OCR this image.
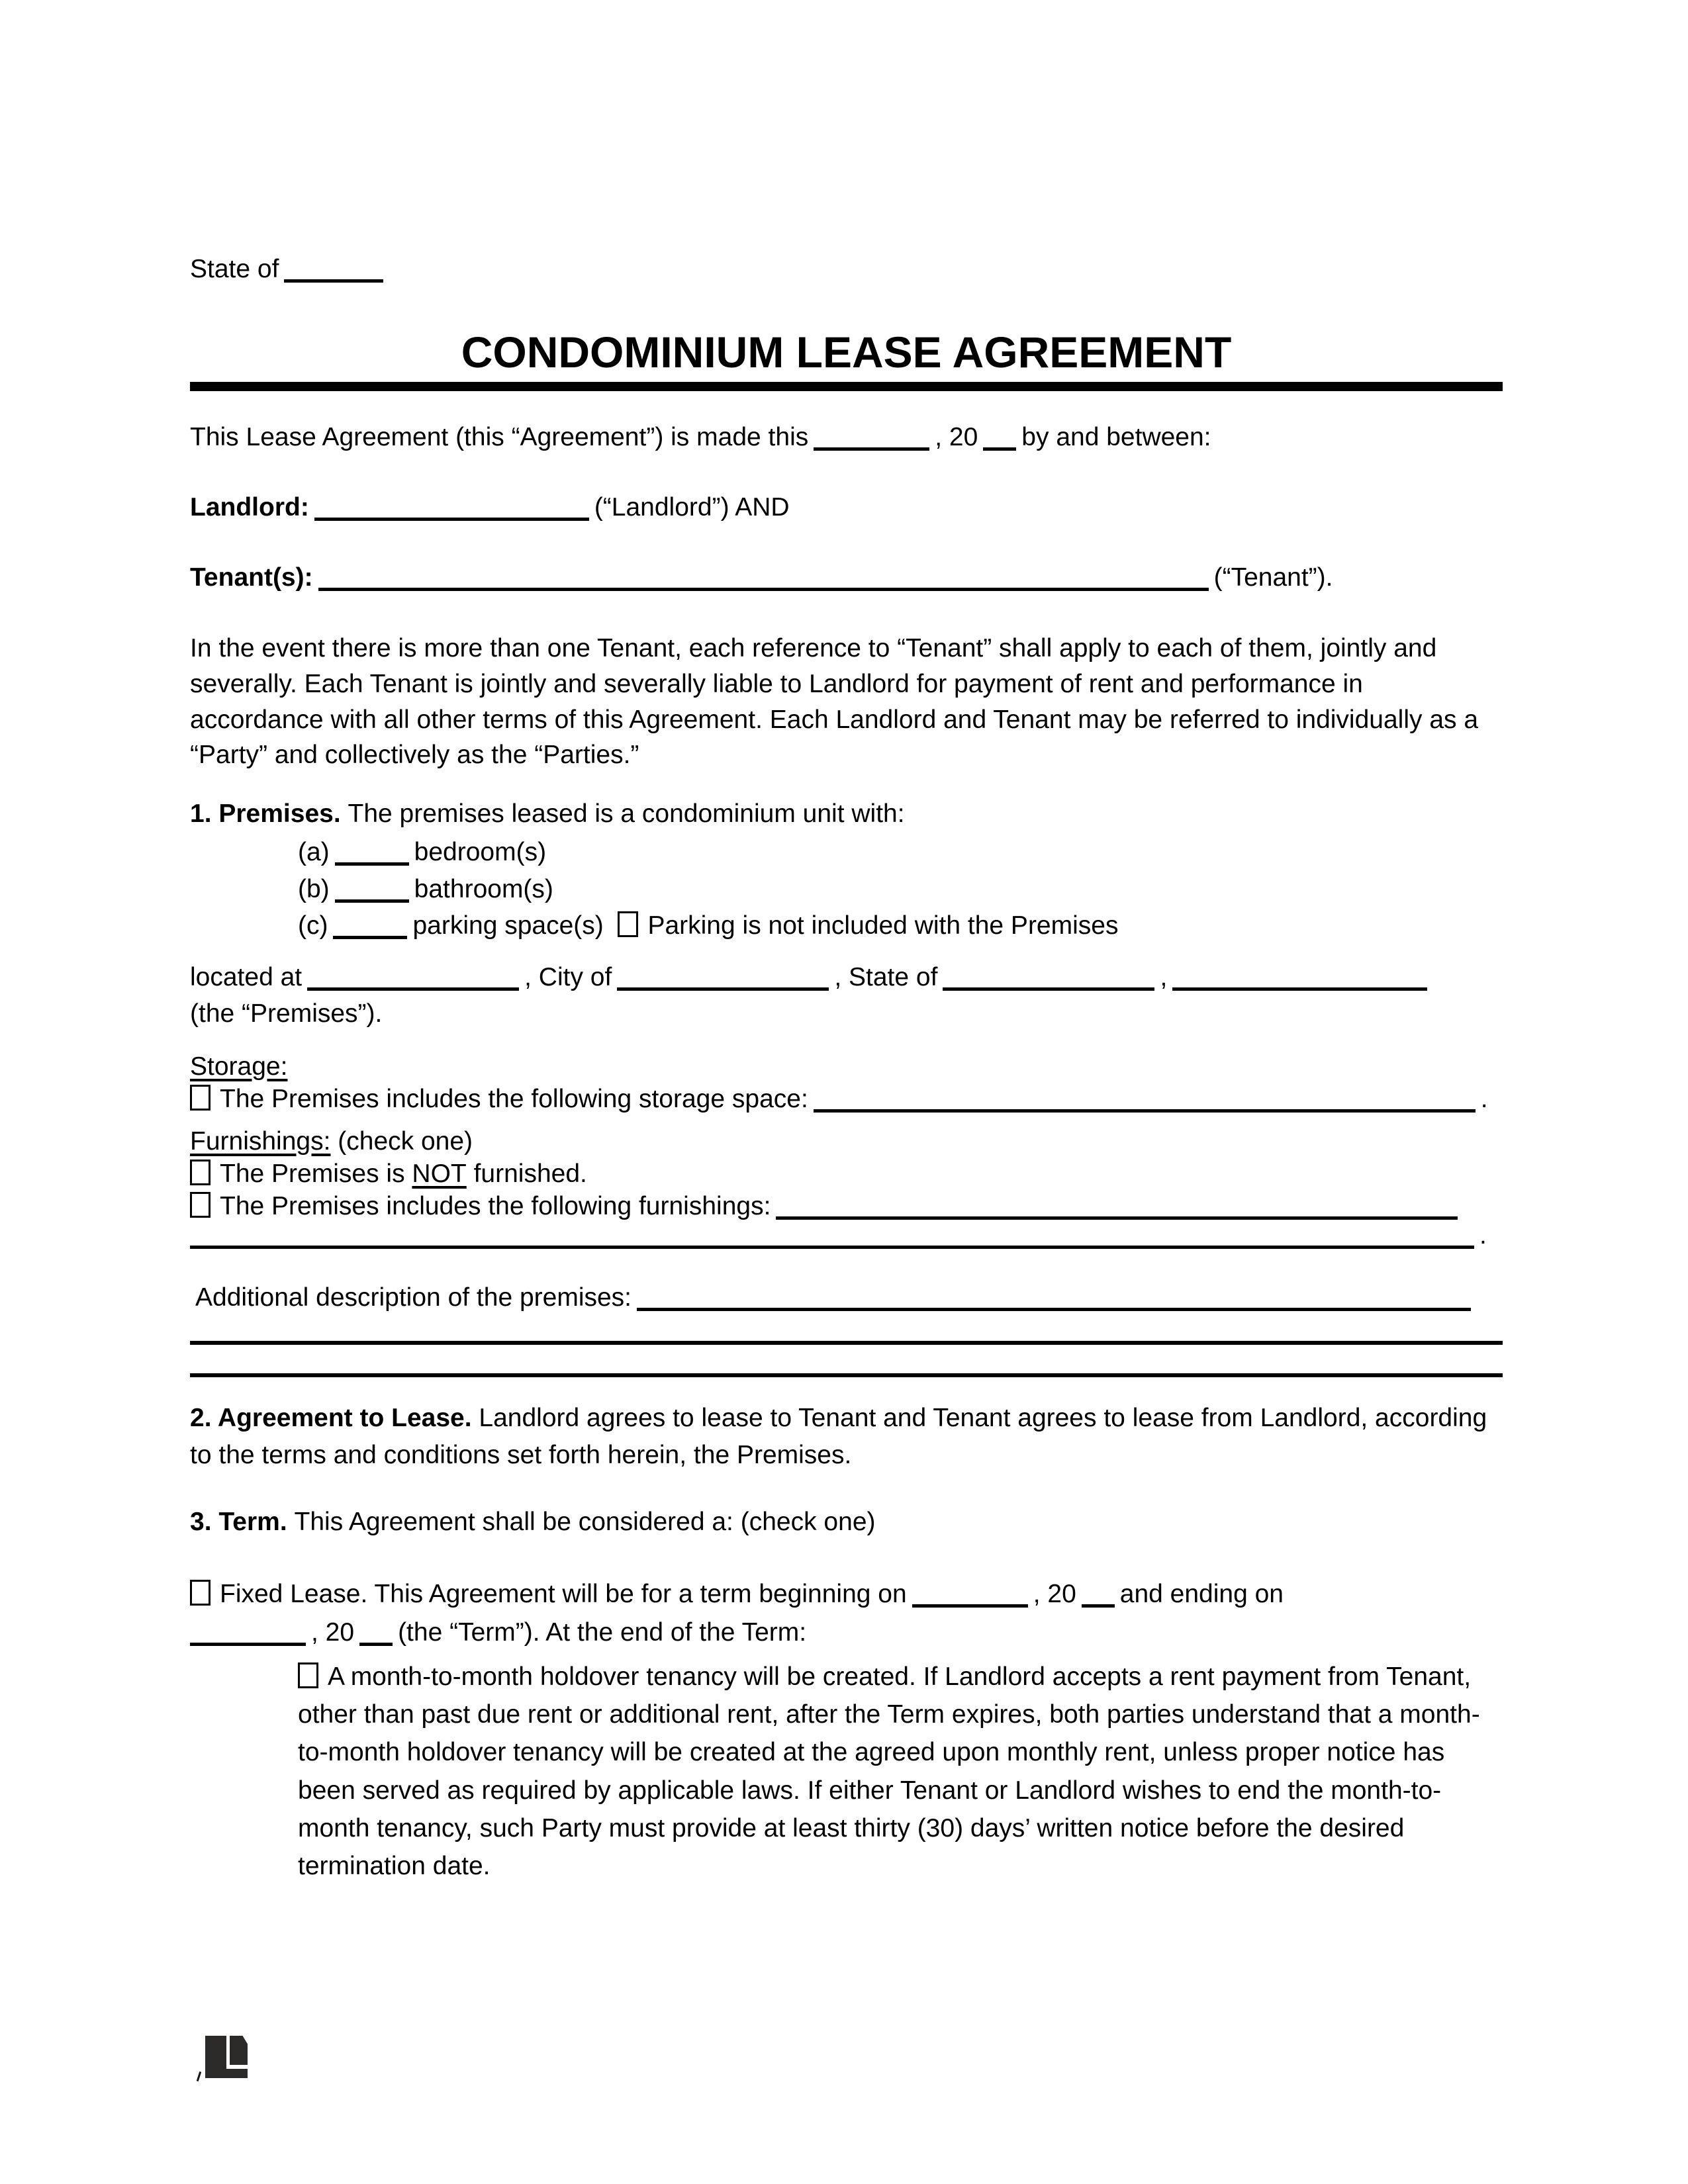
State of

CONDOMINIUM LEASE AGREEMENT

This Lease Agreement (this “Agreement”) is made this	, 20 by and between:

Landlord:	(“Landlord”) AND

Tenant(s):	(“Tenant”).

In the event there is more than one Tenant, each reference to “Tenant” shall apply to each of them, jointly and severally. Each Tenant is jointly and severally liable to Landlord for payment of rent and performance in accordance with all other terms of this Agreement. Each Landlord and Tenant may be referred to individually as a “Party” and collectively as the “Parties.”

1. Premises. The premises leased is a condominium unit with:

(a)	bedroom(s)

(b)	bathroom(s)

(c)	parking space(s) Parking is not included with the Premises

located at	, City of	, State of	,

(the “Premises”).

Storage:

The Premises includes the following storage space:	.

Furnishings: (check one)

The Premises is NOT furnished.

The Premises includes the following furnishings:

.

Additional description of the premises:

2. Agreement to Lease. Landlord agrees to lease to Tenant and Tenant agrees to lease from Landlord, according to the terms and conditions set forth herein, the Premises.

3. Term. This Agreement shall be considered a: (check one)

Fixed Lease. This Agreement will be for a term beginning on	, 20 and ending on

, 20 (the “Term”). At the end of the Term:

A month-to-month holdover tenancy will be created. If Landlord accepts a rent payment from Tenant, other than past due rent or additional rent, after the Term expires, both parties understand that a month-to-month holdover tenancy will be created at the agreed upon monthly rent, unless proper notice has been served as required by applicable laws. If either Tenant or Landlord wishes to end the month-to-month tenancy, such Party must provide at least thirty (30) days’ written notice before the desired termination date.
